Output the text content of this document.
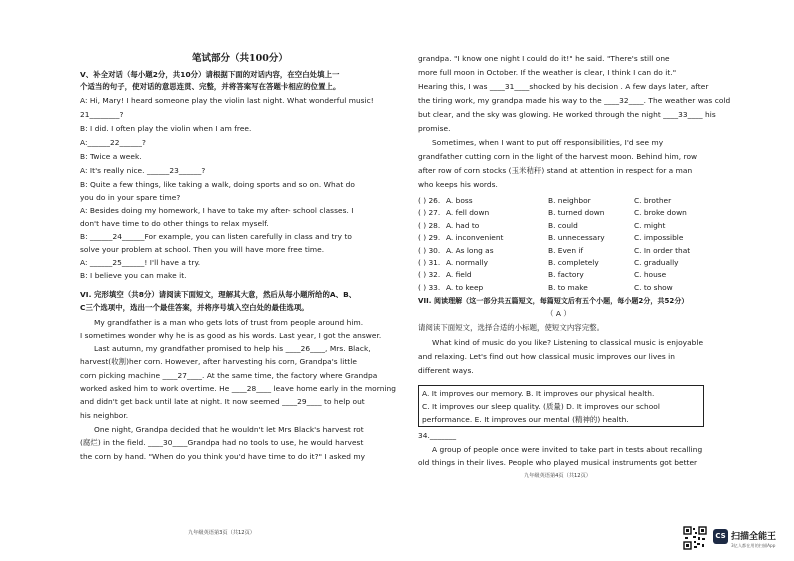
笔试部分（共100分）
V、补全对话（每小题2分，共10分）请根据下面的对话内容，在空白处填上一
个适当的句子，使对话的意思连贯、完整，并将答案写在答题卡相应的位置上。
A: Hi, Mary! I heard someone play the violin last night. What wonderful music!
21________?
B: I did. I often play the violin when I am free.
A:______22______?
B: Twice a week.
A: It's really nice. ______23______?
B: Quite a few things, like taking a walk, doing sports and so on. What do
you do in your spare time?
A: Besides doing my homework, I have to take my after- school classes. I
don't have time to do other things to relax myself.
B: ______24______For example, you can listen carefully in class and try to
solve your problem at school. Then you will have more free time.
A: ______25______! I'll have a try.
B: I believe you can make it.
VI. 完形填空（共8分）请阅读下面短文，理解其大意，然后从每小题所给的A、B、
C三个选项中，选出一个最佳答案，并将序号填入空白处的最佳选项。
My grandfather is a man who gets lots of trust from people around him.
I sometimes wonder why he is as good as his words. Last year, I got the answer.
Last autumn, my grandfather promised to help his ____26____, Mrs. Black,
harvest(收割)her corn. However, after harvesting his corn, Grandpa's little
corn picking machine ____27____. At the same time, the factory where Grandpa
worked asked him to work overtime. He ____28____ leave home early in the morning
and didn't get back until late at night. It now seemed ____29____ to help out
his neighbor.
One night, Grandpa decided that he wouldn't let Mrs Black's harvest rot
(腐烂) in the field. ____30____Grandpa had no tools to use, he would harvest
the corn by hand. "When do you think you'd have time to do it?" I asked my
九年级英语第3页（共12页）
grandpa. "I know one night I could do it!" he said. "There's still one
more full moon in October. If the weather is clear, I think I can do it."
Hearing this, I was ____31____shocked by his decision . A few days later, after
the tiring work, my grandpa made his way to the ____32____. The weather was cold
but clear, and the sky was glowing. He worked through the night ____33____ his
promise.
Sometimes, when I want to put off responsibilities, I'd see my
grandfather cutting corn in the light of the harvest moon. Behind him, row
after row of corn stocks (玉米秸秆) stand at attention in respect for a man
who keeps his words.
( ) 26. A. boss	B. neighbor	C. brother
( ) 27. A. fell down	B. turned down	C. broke down
( ) 28. A. had to	B. could	C. might
( ) 29. A. inconvenient	B. unnecessary	C. impossible
( ) 30. A. As long as	B. Even if	C. In order that
( ) 31. A. normally	B. completely	C. gradually
( ) 32. A. field	B. factory	C. house
( ) 33. A. to keep	B. to make	C. to show
VII. 阅读理解（这一部分共五篇短文，每篇短文后有五个小题，每小题2分，共52分）
（ A ）
请阅读下面短文，选择合适的小标题，使短文内容完整。
What kind of music do you like? Listening to classical music is enjoyable
and relaxing. Let's find out how classical music improves our lives in
different ways.
A. It improves our memory. B. It improves our physical health.
C. It improves our sleep quality. (质量) D. It improves our school
performance. E. It improves our mental (精神的) health.
34._______
A group of people once were invited to take part in tests about recalling
old things in their lives. People who played musical instruments got better
九年级英语第4页（共12页）
CS 扫描全能王
3亿人都在用的扫描App
